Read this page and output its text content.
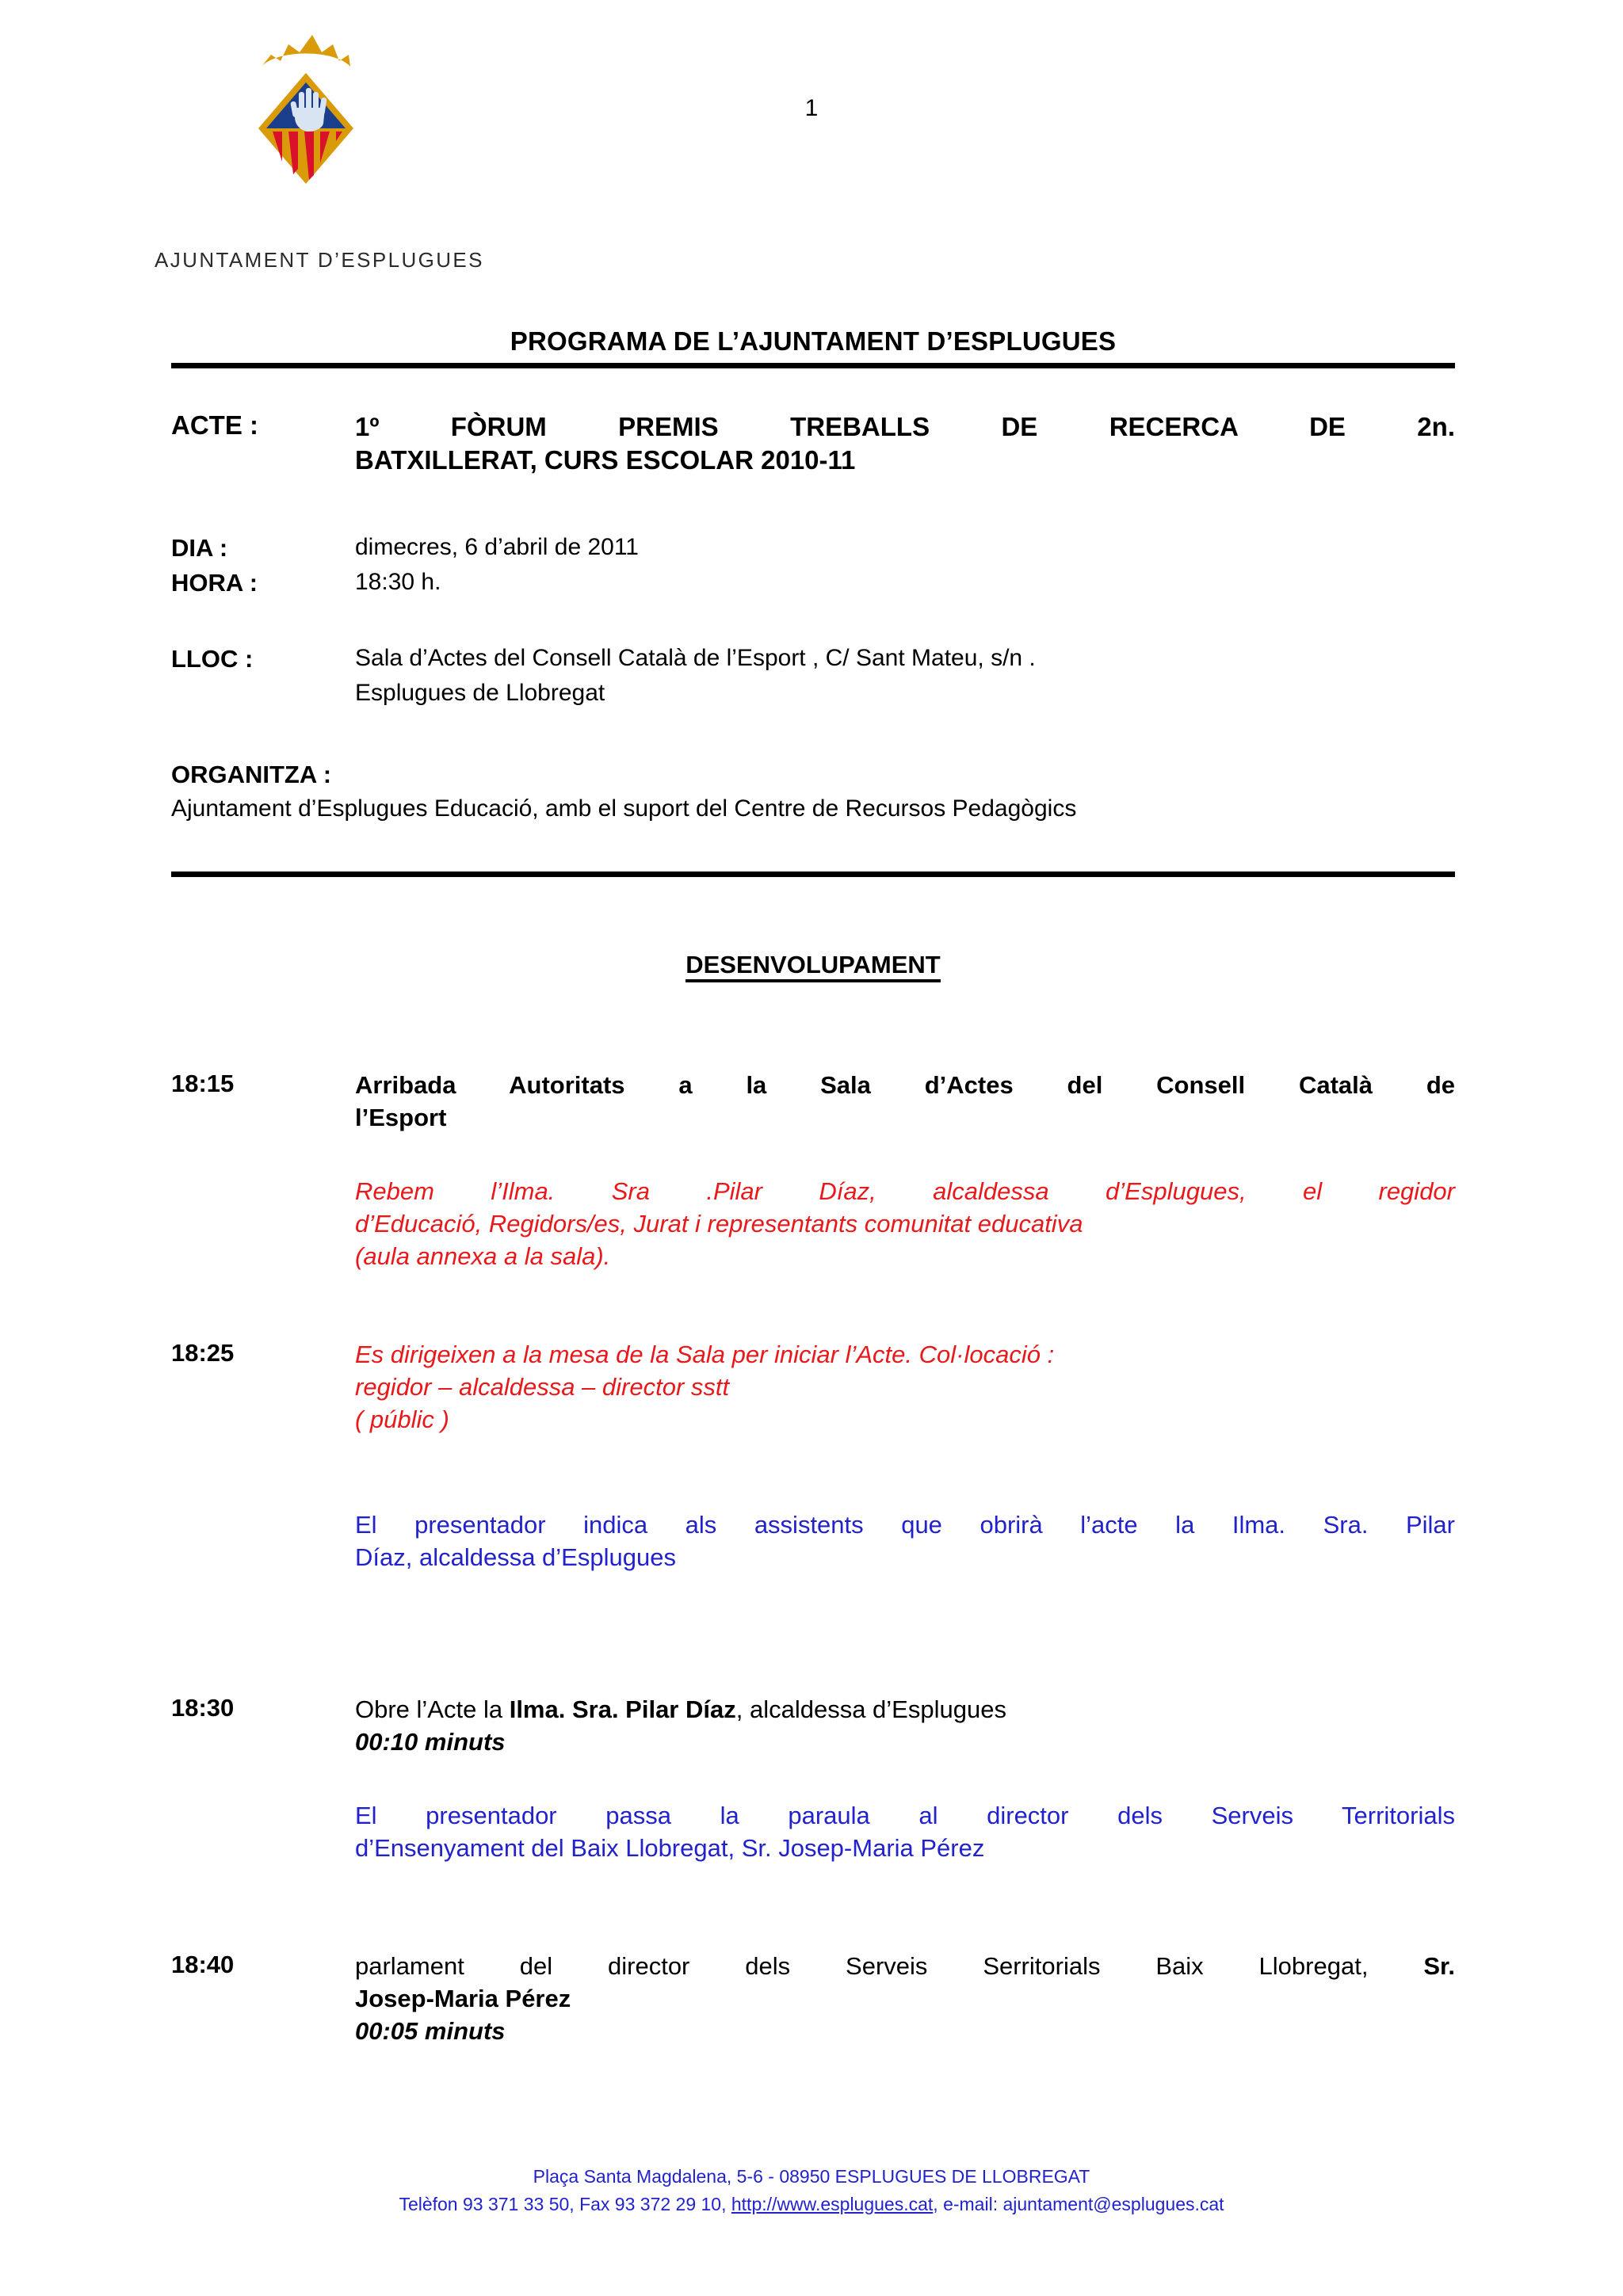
AJUNTAMENT D’ESPLUGUES
1
PROGRAMA DE L’AJUNTAMENT D’ESPLUGUES
ACTE :	1º FÒRUM PREMIS TREBALLS DE RECERCA DE 2n.
BATXILLERAT, CURS ESCOLAR 2010-11
DIA :	dimecres, 6 d’abril de 2011
HORA :	18:30 h.
LLOC :	Sala d’Actes del Consell Català de l’Esport , C/ Sant Mateu, s/n .
Esplugues de Llobregat
ORGANITZA :
Ajuntament d’Esplugues Educació, amb el suport del Centre de Recursos Pedagògics
DESENVOLUPAMENT
18:15	Arribada Autoritats a la Sala d’Actes del Consell Català de
l’Esport
Rebem l’Ilma. Sra .Pilar Díaz, alcaldessa d’Esplugues, el regidor
d’Educació, Regidors/es, Jurat i representants comunitat educativa
(aula annexa a la sala).
18:25	Es dirigeixen a la mesa de la Sala per iniciar l’Acte. Col·locació :
regidor – alcaldessa – director sstt
( públic )
El presentador indica als assistents que obrirà l’acte la Ilma. Sra. Pilar
Díaz, alcaldessa d’Esplugues
18:30	Obre l’Acte la Ilma. Sra. Pilar Díaz, alcaldessa d’Esplugues
00:10 minuts
El presentador passa la paraula al director dels Serveis Territorials
d’Ensenyament del Baix Llobregat, Sr. Josep-Maria Pérez
18:40	parlament del director dels Serveis Serritorials Baix Llobregat, Sr.
Josep-Maria Pérez
00:05 minuts
Plaça Santa Magdalena, 5-6 - 08950 ESPLUGUES DE LLOBREGAT
Telèfon 93 371 33 50, Fax 93 372 29 10, http://www.esplugues.cat, e-mail: ajuntament@esplugues.cat
